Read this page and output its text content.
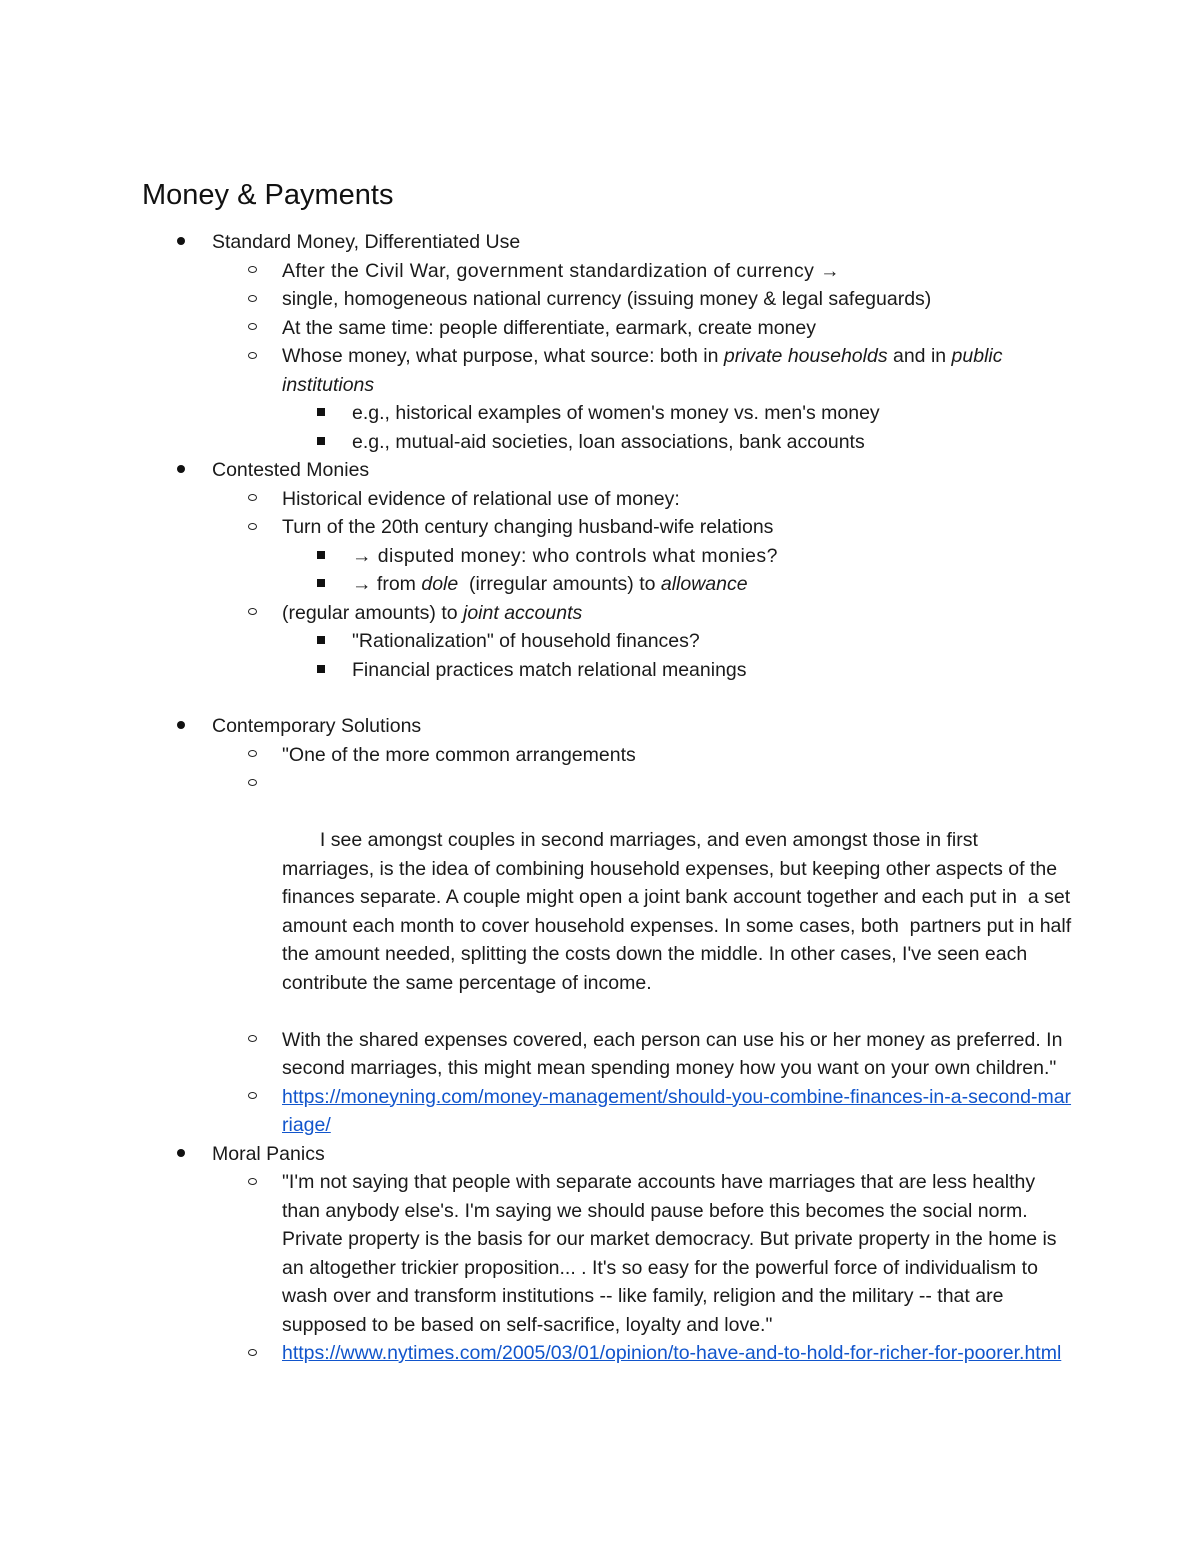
Money & Payments
Standard Money, Differentiated Use
After the Civil War, government standardization of currency →
single, homogeneous national currency (issuing money & legal safeguards)
At the same time: people differentiate, earmark, create money
Whose money, what purpose, what source: both in private households and in public institutions
e.g., historical examples of women's money vs. men's money
e.g., mutual-aid societies, loan associations, bank accounts
Contested Monies
Historical evidence of relational use of money:
Turn of the 20th century changing husband-wife relations
→ disputed money: who controls what monies?
→ from dole  (irregular amounts) to allowance
(regular amounts) to joint accounts
"Rationalization" of household finances?
Financial practices match relational meanings
Contemporary Solutions
"One of the more common arrangements

I see amongst couples in second marriages, and even amongst those in first marriages, is the idea of combining household expenses, but keeping other aspects of the finances separate. A couple might open a joint bank account together and each put in  a set amount each month to cover household expenses. In some cases, both  partners put in half the amount needed, splitting the costs down the middle. In other cases, I've seen each contribute the same percentage of income.

With the shared expenses covered, each person can use his or her money as preferred. In second marriages, this might mean spending money how you want on your own children."
https://moneyning.com/money-management/should-you-combine-finances-in-a-second-marriage/
Moral Panics
"I'm not saying that people with separate accounts have marriages that are less healthy than anybody else's. I'm saying we should pause before this becomes the social norm. Private property is the basis for our market democracy. But private property in the home is an altogether trickier proposition... . It's so easy for the powerful force of individualism to wash over and transform institutions -- like family, religion and the military -- that are supposed to be based on self-sacrifice, loyalty and love."
https://www.nytimes.com/2005/03/01/opinion/to-have-and-to-hold-for-richer-for-poorer.html
